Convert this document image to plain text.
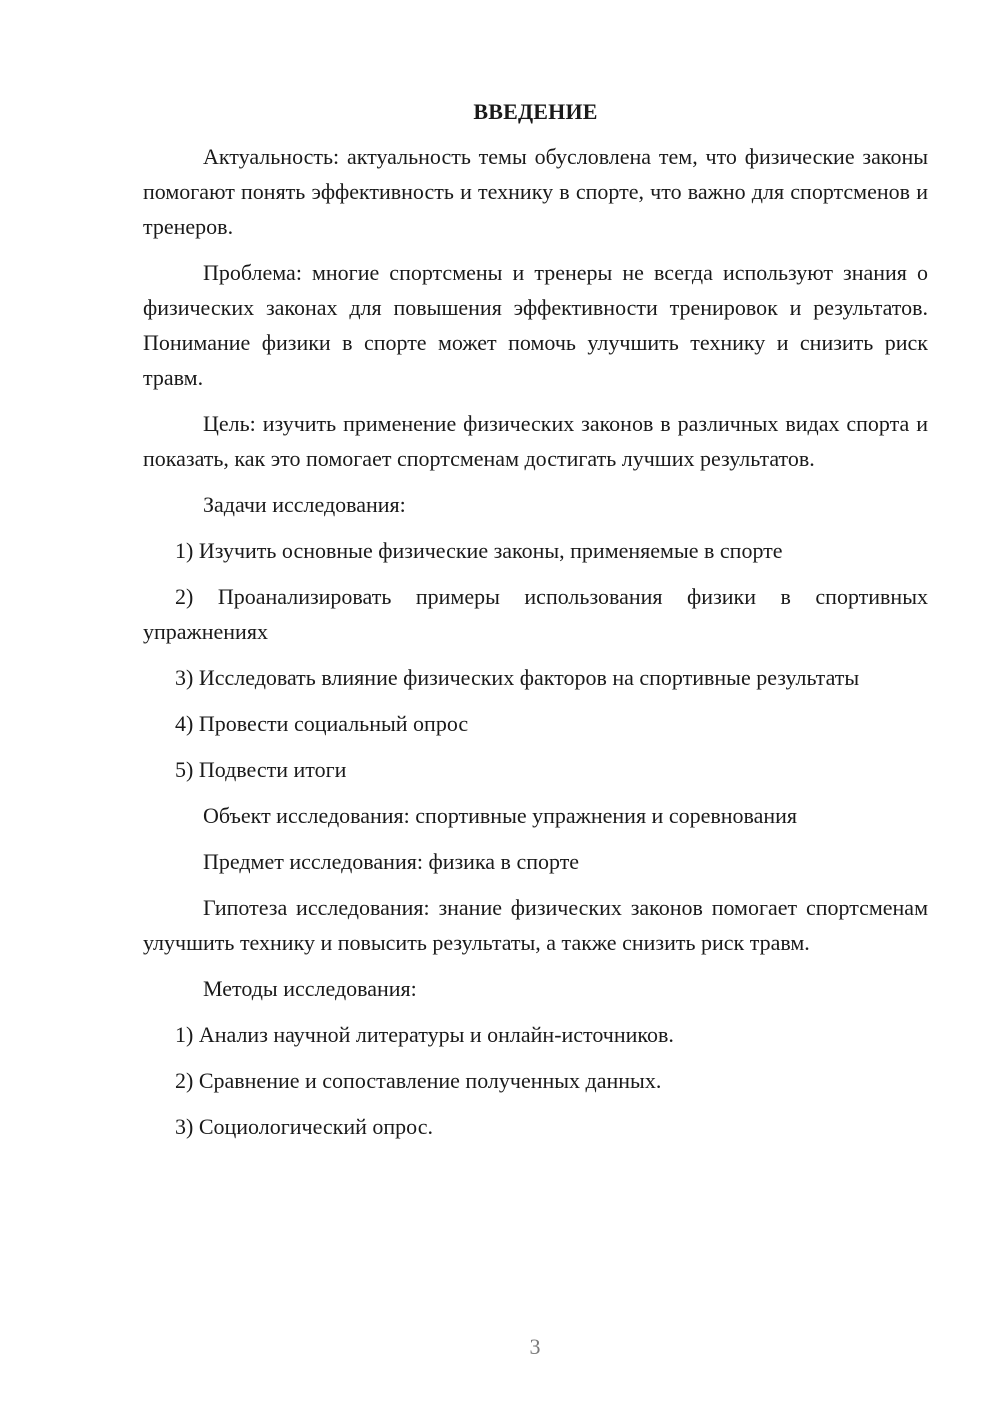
ВВЕДЕНИЕ

Актуальность: актуальность темы обусловлена тем, что физические законы помогают понять эффективность и технику в спорте, что важно для спортсменов и тренеров.

Проблема: многие спортсмены и тренеры не всегда используют знания о физических законах для повышения эффективности тренировок и результатов. Понимание физики в спорте может помочь улучшить технику и снизить риск травм.

Цель: изучить применение физических законов в различных видах спорта и показать, как это помогает спортсменам достигать лучших результатов.

Задачи исследования:

1) Изучить основные физические законы, применяемые в спорте

2) Проанализировать примеры использования физики в спортивных упражнениях

3) Исследовать влияние физических факторов на спортивные результаты

4) Провести социальный опрос

5) Подвести итоги

Объект исследования: спортивные упражнения и соревнования

Предмет исследования: физика в спорте

Гипотеза исследования: знание физических законов помогает спортсменам улучшить технику и повысить результаты, а также снизить риск травм.

Методы исследования:

1) Анализ научной литературы и онлайн-источников.

2) Сравнение и сопоставление полученных данных.

3) Социологический опрос.

3
